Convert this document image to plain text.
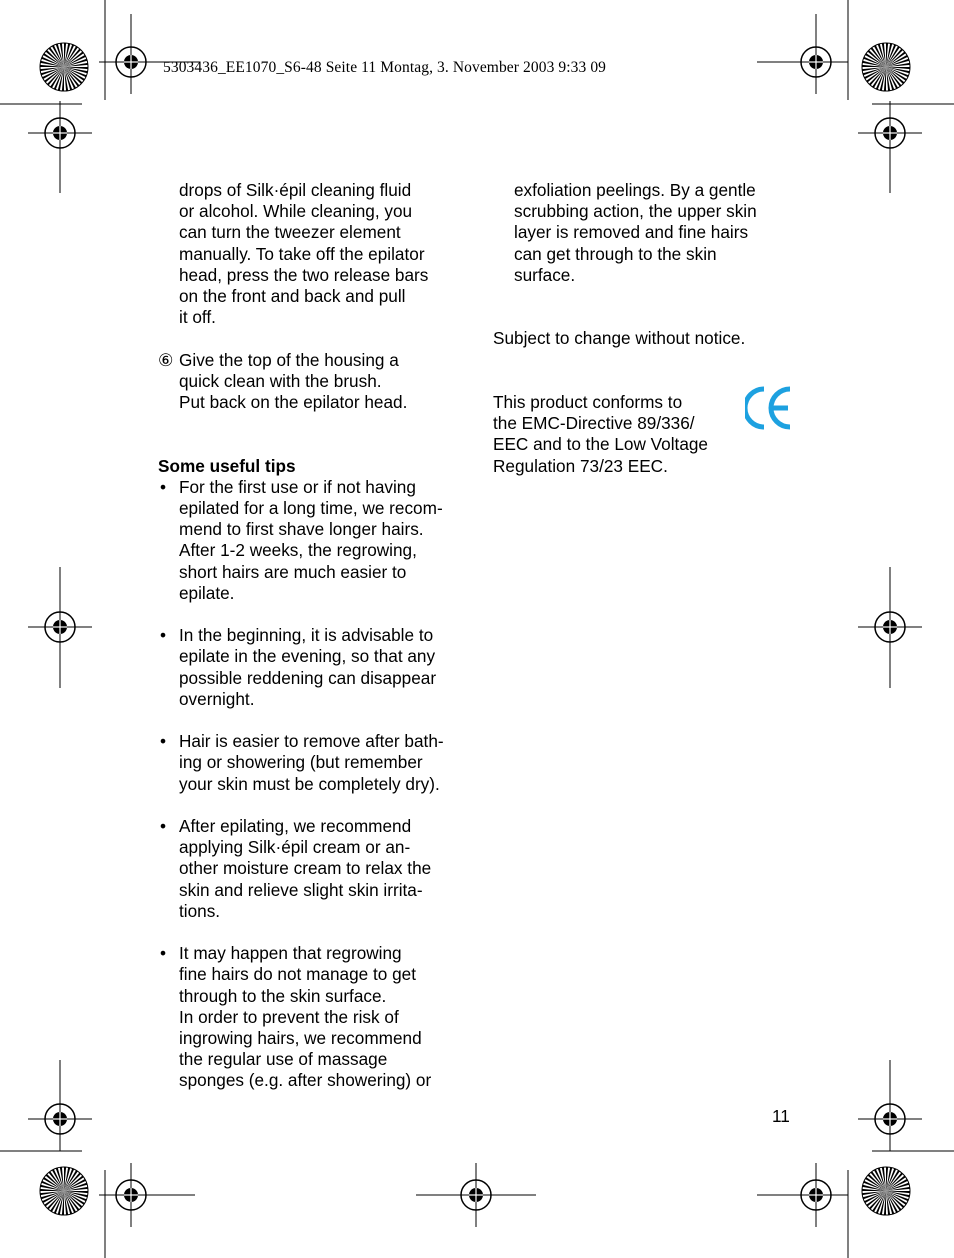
5303436_EE1070_S6-48 Seite 11 Montag, 3. November 2003 9:33 09
drops of Silk·épil cleaning fluid
or alcohol. While cleaning, you
can turn the tweezer element
manually. To take off the epilator
head, press the two release bars
on the front and back and pull
it off.
⑥ Give the top of the housing a
quick clean with the brush.
Put back on the epilator head.
Some useful tips
• For the first use or if not having
epilated for a long time, we recom-
mend to first shave longer hairs.
After 1-2 weeks, the regrowing,
short hairs are much easier to
epilate.
• In the beginning, it is advisable to
epilate in the evening, so that any
possible reddening can disappear
overnight.
• Hair is easier to remove after bath-
ing or showering (but remember
your skin must be completely dry).
• After epilating, we recommend
applying Silk·épil cream or an-
other moisture cream to relax the
skin and relieve slight skin irrita-
tions.
• It may happen that regrowing
fine hairs do not manage to get
through to the skin surface.
In order to prevent the risk of
ingrowing hairs, we recommend
the regular use of massage
sponges (e.g. after showering) or
exfoliation peelings. By a gentle
scrubbing action, the upper skin
layer is removed and fine hairs
can get through to the skin
surface.
Subject to change without notice.
This product conforms to
the EMC-Directive 89/336/
EEC and to the Low Voltage
Regulation 73/23 EEC.
11
